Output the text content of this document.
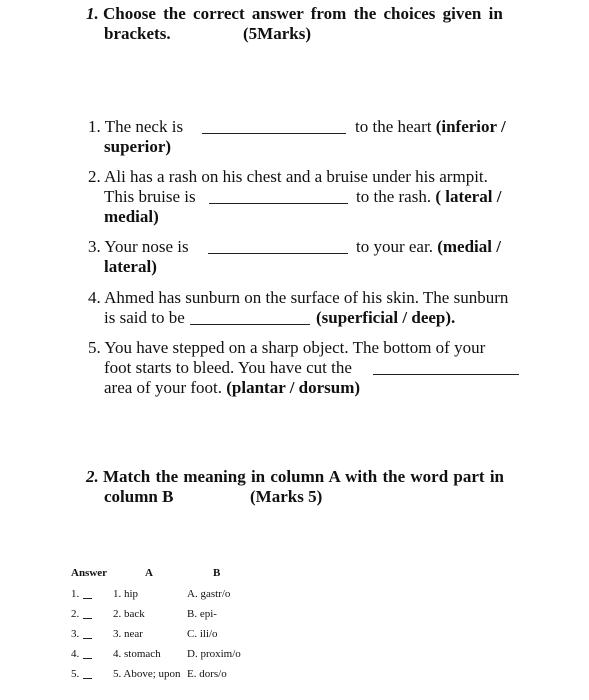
1. Choose the correct answer from the choices given in
brackets.	(5Marks)
1. The neck is	to the heart (inferior /
superior)
2. Ali has a rash on his chest and a bruise under his armpit.
This bruise is	to the rash. ( lateral /
medial)
3. Your nose is	to your ear. (medial /
lateral)
4. Ahmed has sunburn on the surface of his skin. The sunburn
is said to be	(superficial / deep).
5. You have stepped on a sharp object. The bottom of your
foot starts to bleed. You have cut the
area of your foot. (plantar / dorsum)
2. Match the meaning in column A with the word part in
column B	(Marks 5)
Answer	A	B
1.	1. hip	A. gastr/o
2.	2. back	B. epi-
3.	3. near	C. ili/o
4.	4. stomach D. proxim/o
5.	5. Above; upon E. dors/o
